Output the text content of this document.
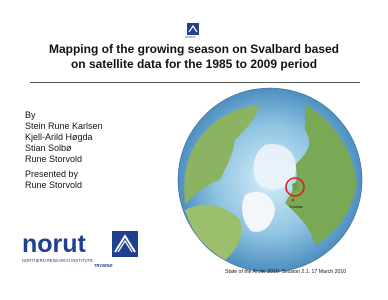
NORUT
Mapping of the growing season on Svalbard based
on satellite data for the 1985 to 2009 period
By
Stein Rune Karlsen
Kjell-Arild Høgda
Stian Solbø
Rune Storvold
Presented by
Rune Storvold
Tromsø
norut
NORTHERN RESEARCH INSTITUTE
TROMSØ
State of the Arctic 2010: Session 2.1. 17 March 2010
